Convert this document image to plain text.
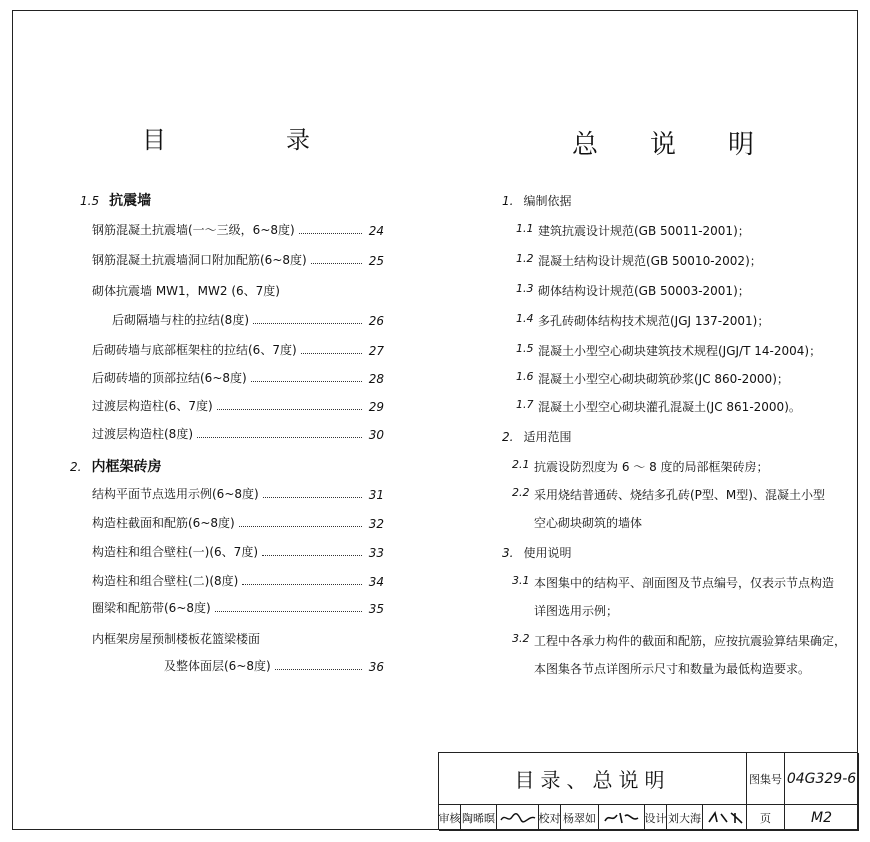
目　　　　　录
1.5 抗震墙
钢筋混凝土抗震墙(一～三级，6~8度)	24
钢筋混凝土抗震墙洞口附加配筋(6~8度)	25
砌体抗震墙 MW1，MW2 (6、7度)
后砌隔墙与柱的拉结(8度)	26
后砌砖墙与底部框架柱的拉结(6、7度)	27
后砌砖墙的顶部拉结(6~8度)	28
过渡层构造柱(6、7度)	29
过渡层构造柱(8度)	30
2. 内框架砖房
结构平面节点选用示例(6~8度)	31
构造柱截面和配筋(6~8度)	32
构造柱和组合壁柱(一)(6、7度)	33
构造柱和组合壁柱(二)(8度)	34
圈梁和配筋带(6~8度)	35
内框架房屋预制楼板花篮梁楼面
及整体面层(6~8度)	36
总　　说　　明
1. 编制依据
1.1 建筑抗震设计规范(GB 50011-2001)；
1.2 混凝土结构设计规范(GB 50010-2002)；
1.3 砌体结构设计规范(GB 50003-2001)；
1.4 多孔砖砌体结构技术规范(JGJ 137-2001)；
1.5 混凝土小型空心砌块建筑技术规程(JGJ/T 14-2004)；
1.6 混凝土小型空心砌块砌筑砂浆(JC 860-2000)；
1.7 混凝土小型空心砌块灌孔混凝土(JC 861-2000)。
2. 适用范围
2.1 抗震设防烈度为 6 ～ 8 度的局部框架砖房；
2.2 采用烧结普通砖、烧结多孔砖(P型、M型)、混凝土小型
空心砌块砌筑的墙体
3. 使用说明
3.1 本图集中的结构平、剖面图及节点编号，仅表示节点构造
详图选用示例；
3.2 工程中各承力构件的截面和配筋，应按抗震验算结果确定，
本图集各节点详图所示尺寸和数量为最低构造要求。
目录、总说明	图集号 04G329-6
审核 陶晞暝	校对 杨翠如	设计 刘大海	页	M2
